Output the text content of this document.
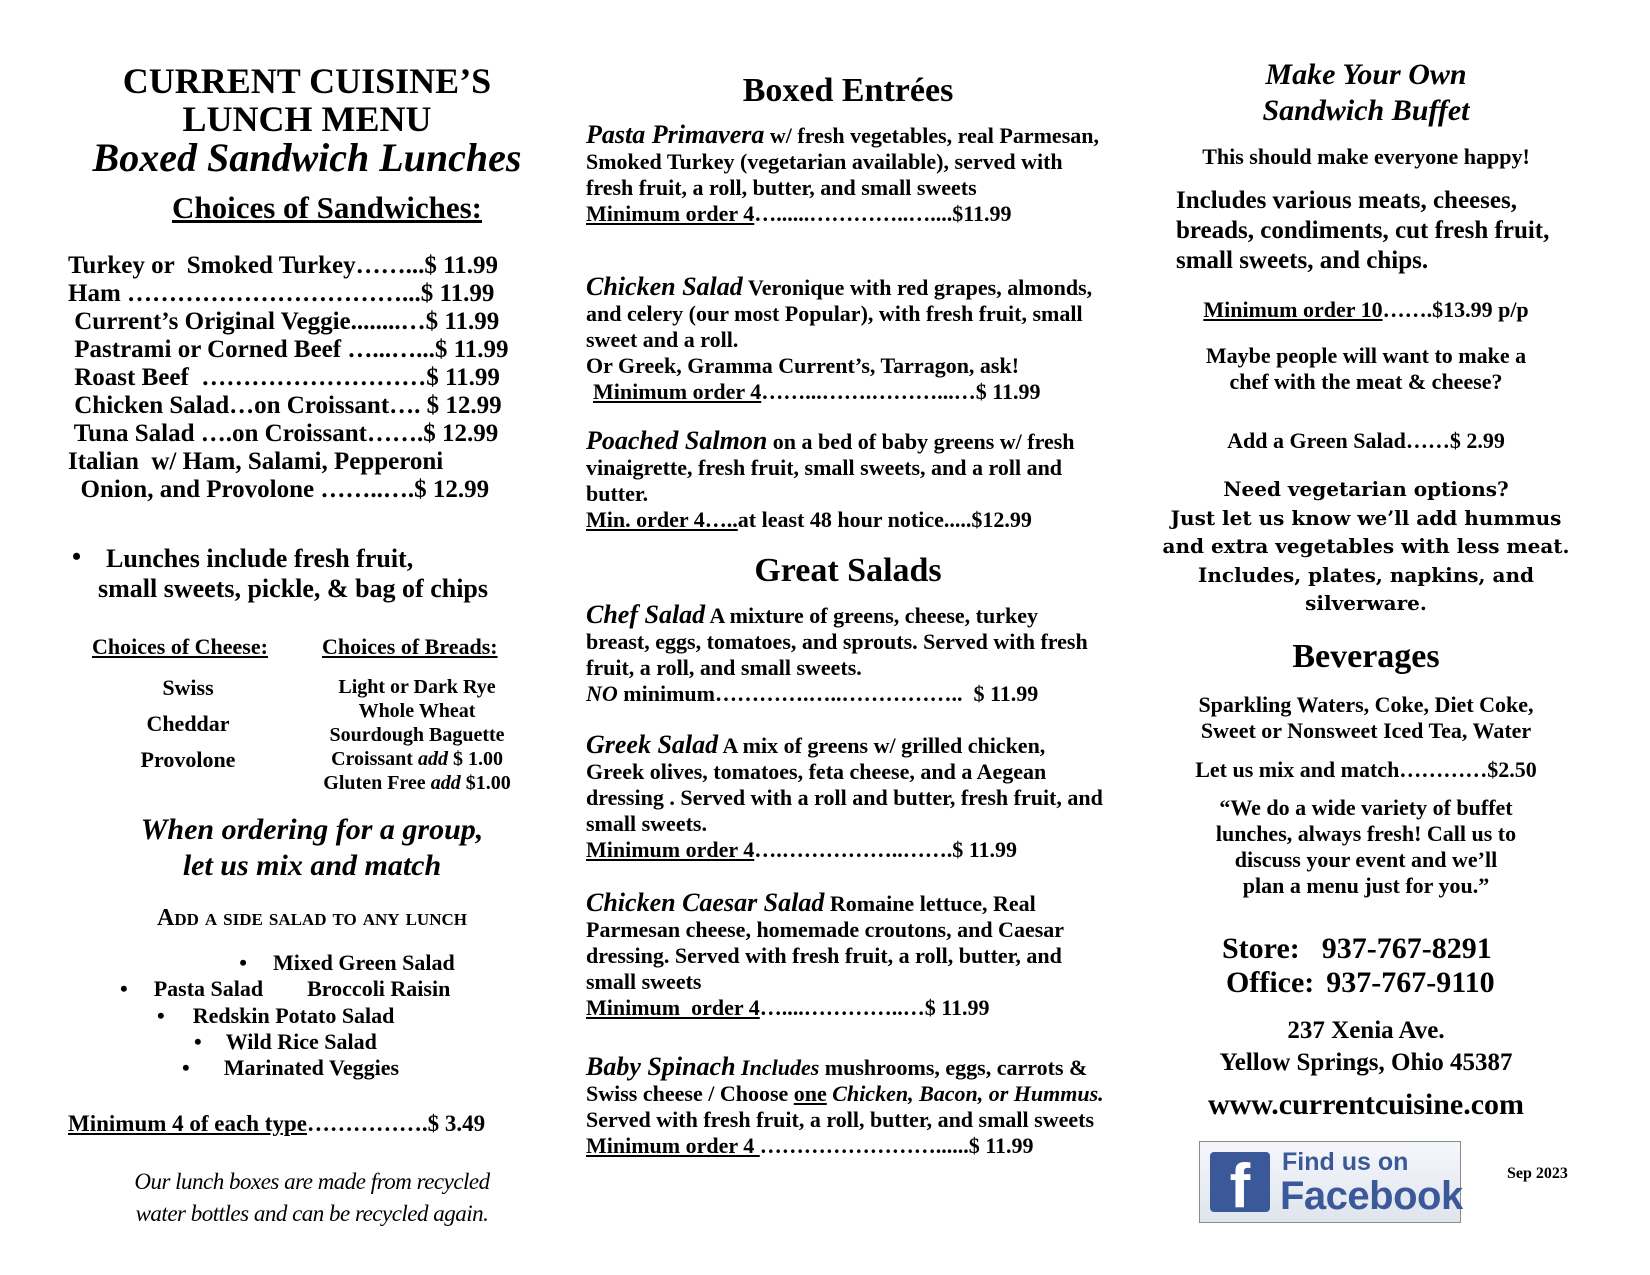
CURRENT CUISINE’S
LUNCH MENU
Boxed Sandwich Lunches
Choices of Sandwiches:
Turkey or  Smoked Turkey……...$ 11.99
Ham ……………………………...$ 11.99
Current’s Original Veggie........…$ 11.99
Pastrami or Corned Beef …...…...$ 11.99
Roast Beef  ………………………$ 11.99
Chicken Salad…on Croissant…. $ 12.99
Tuna Salad ….on Croissant…….$ 12.99
Italian  w/ Ham, Salami, Pepperoni
Onion, and Provolone ……..….$ 12.99
• Lunches include fresh fruit,
small sweets, pickle, & bag of chips
Choices of Cheese:
Swiss
Cheddar
Provolone
Choices of Breads:
Light or Dark Rye
Whole Wheat
Sourdough Baguette
Croissant add $ 1.00
Gluten Free add $1.00
When ordering for a group,
let us mix and match
Add a side salad to any lunch
• Mixed Green Salad
• Pasta Salad Broccoli Raisin
• Redskin Potato Salad
• Wild Rice Salad
• Marinated Veggies
Minimum 4 of each type…………….$ 3.49
Our lunch boxes are made from recycled
water bottles and can be recycled again.
Boxed Entrées
Pasta Primavera w/ fresh vegetables, real Parmesan, Smoked Turkey (vegetarian available), served with fresh fruit, a roll, butter, and small sweets
Minimum order 4…......…………..…....$11.99
Chicken Salad Veronique with red grapes, almonds, and celery (our most Popular), with fresh fruit, small sweet and a roll.
Or Greek, Gramma Current’s, Tarragon, ask!
Minimum order 4……...…….………...…$ 11.99
Poached Salmon on a bed of baby greens w/ fresh vinaigrette, fresh fruit, small sweets, and a roll and butter.
Min. order 4…..at least 48 hour notice.....$12.99
Great Salads
Chef Salad A mixture of greens, cheese, turkey breast, eggs, tomatoes, and sprouts. Served with fresh fruit, a roll, and small sweets.
NO minimum………….…..……………..  $ 11.99
Greek Salad A mix of greens w/ grilled chicken, Greek olives, tomatoes, feta cheese, and a Aegean dressing . Served with a roll and butter, fresh fruit, and small sweets.
Minimum order 4….……………..…….$ 11.99
Chicken Caesar Salad Romaine lettuce, Real Parmesan cheese, homemade croutons, and Caesar dressing. Served with fresh fruit, a roll, butter, and small sweets
Minimum  order 4…....…………..…$ 11.99
Baby Spinach Includes mushrooms, eggs, carrots & Swiss cheese / Choose one Chicken, Bacon, or Hummus. Served with fresh fruit, a roll, butter, and small sweets
Minimum order 4 ……………………......$ 11.99
Make Your Own
Sandwich Buffet
This should make everyone happy!
Includes various meats, cheeses, breads, condiments, cut fresh fruit, small sweets, and chips.
Minimum order 10…….$13.99 p/p
Maybe people will want to make a chef with the meat & cheese?
Add a Green Salad……$ 2.99
Need vegetarian options?
Just let us know we’ll add hummus
and extra vegetables with less meat.
Includes, plates, napkins, and
silverware.
Beverages
Sparkling Waters, Coke, Diet Coke,
Sweet or Nonsweet Iced Tea, Water
Let us mix and match…………$2.50
“We do a wide variety of buffet
lunches, always fresh! Call us to
discuss your event and we’ll
plan a menu just for you.”
Store: 937-767-8291
Office: 937-767-9110
237 Xenia Ave.
Yellow Springs, Ohio 45387
www.currentcuisine.com
f	Find us on
Facebook
Sep 2023
